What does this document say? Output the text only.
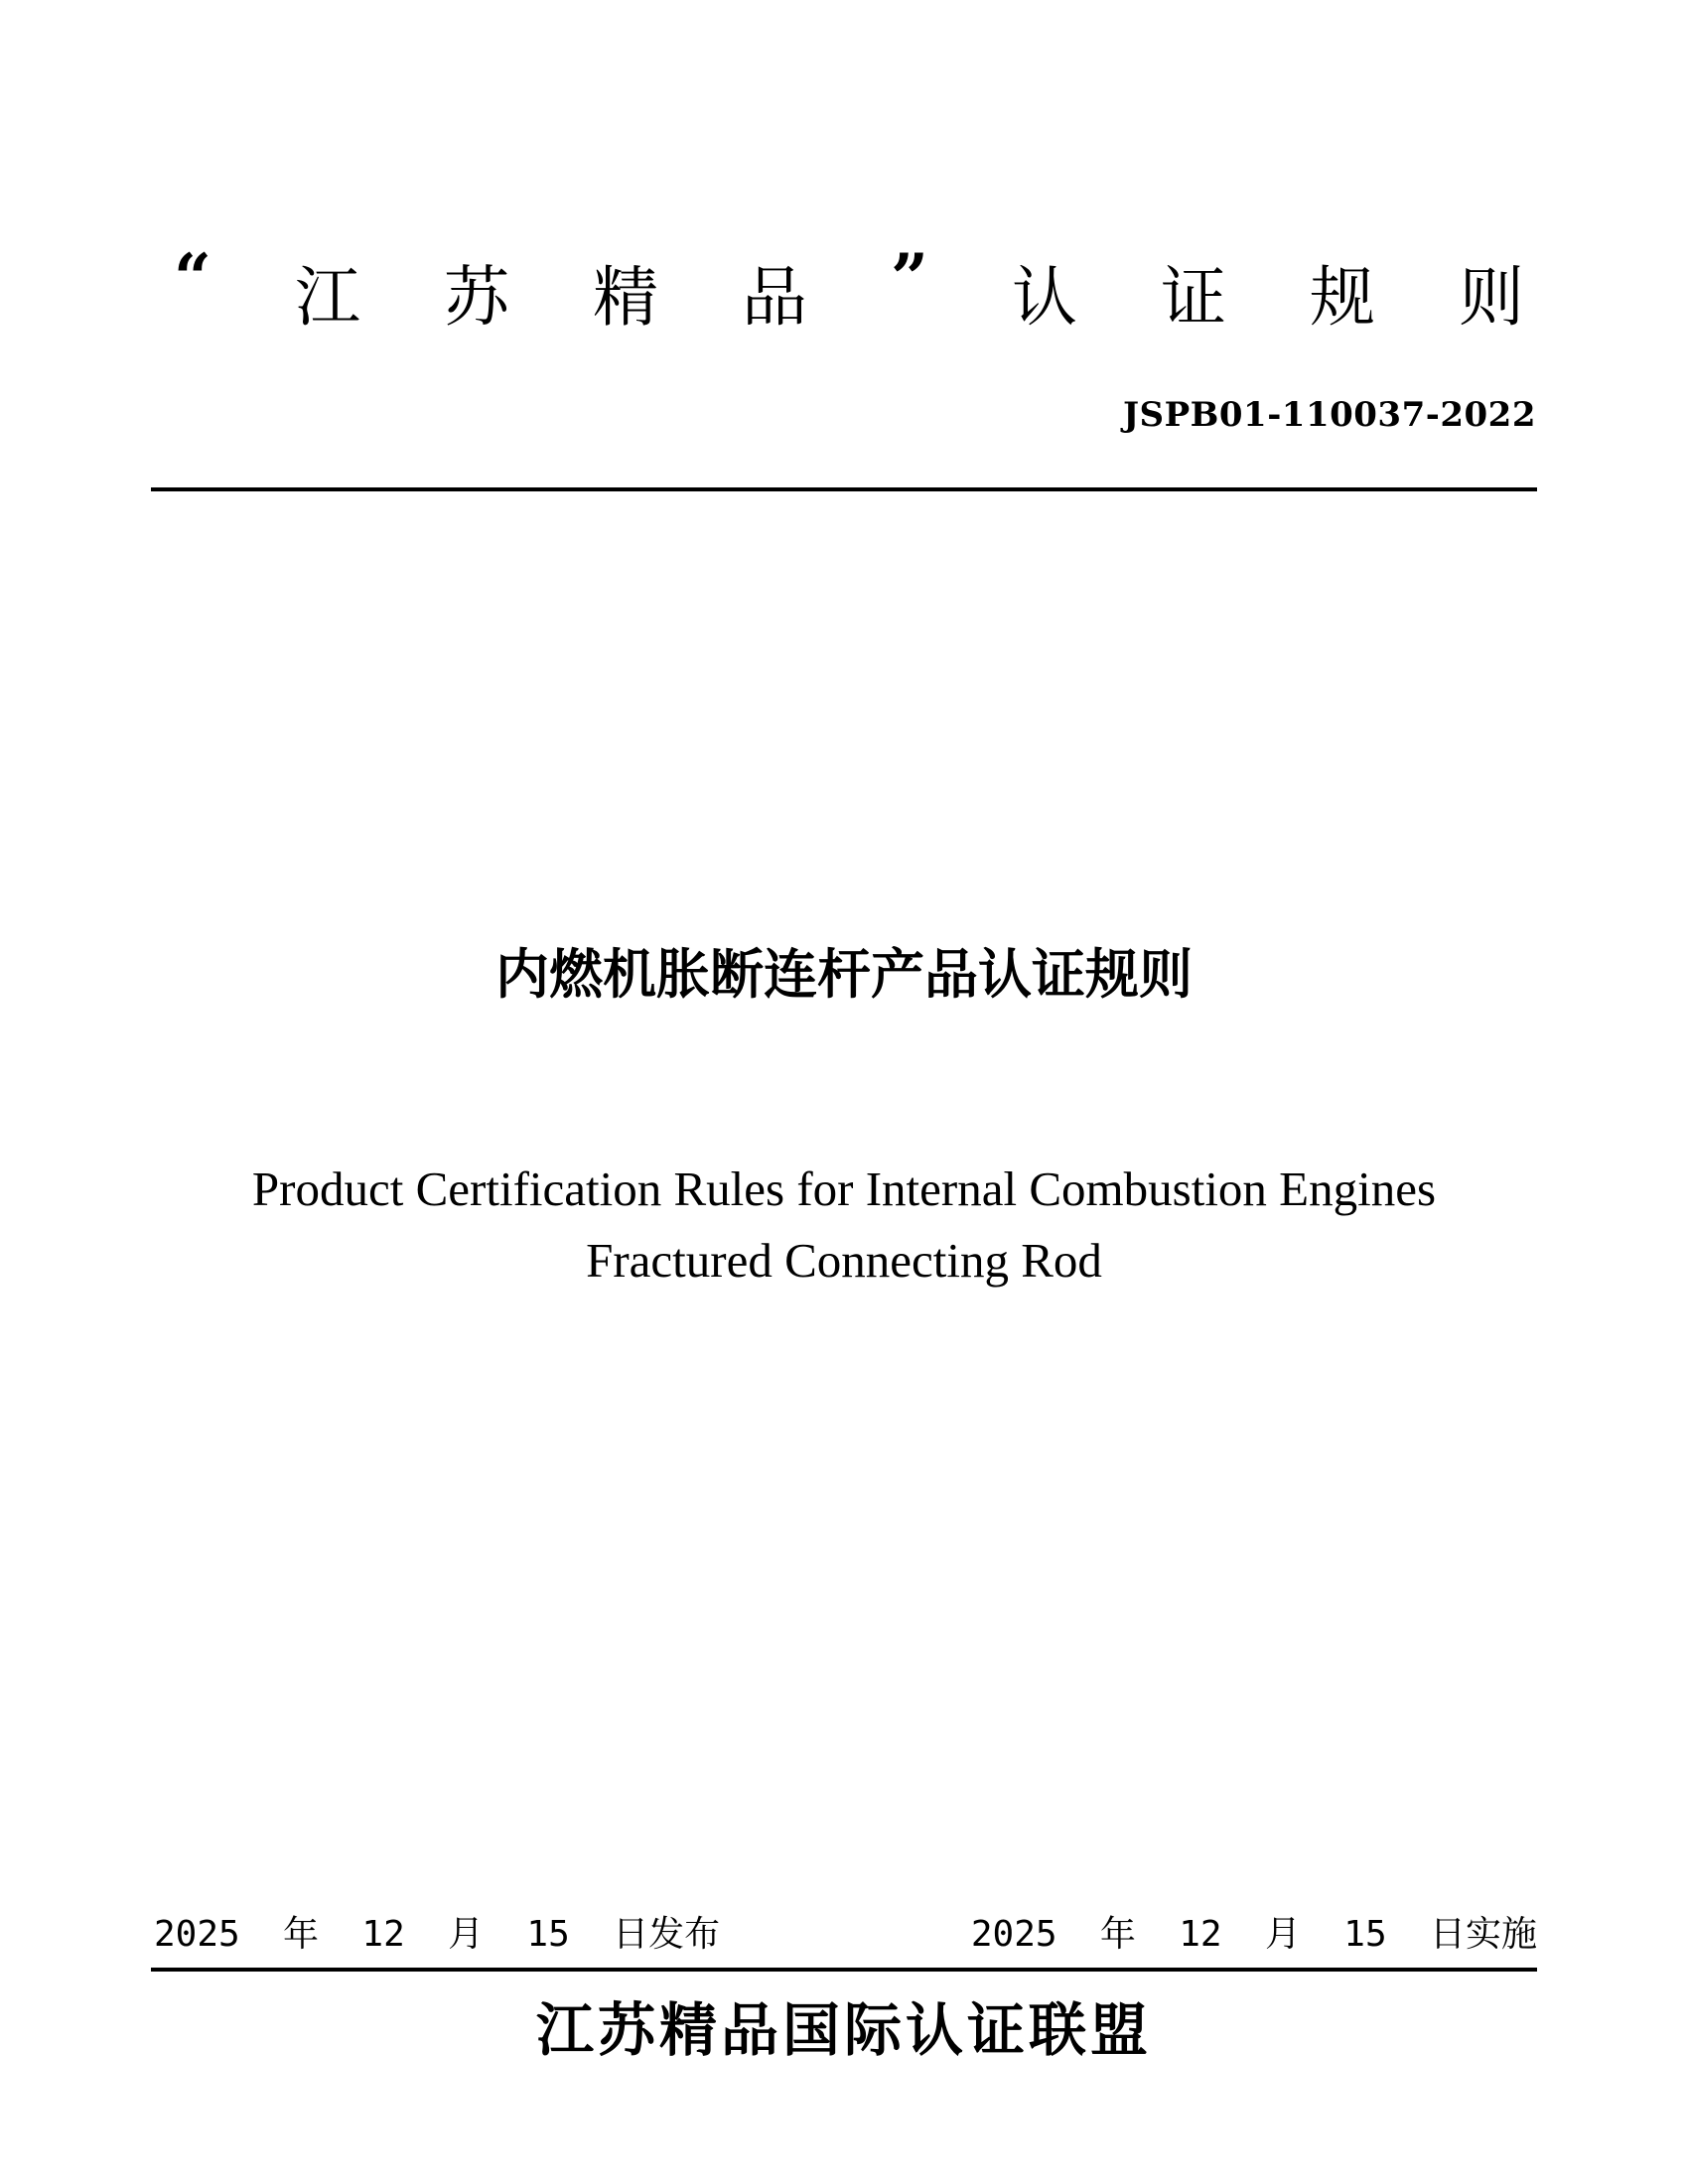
“ 江 苏 精 品 ” 认 证 规 则
JSPB01-110037-2022
内燃机胀断连杆产品认证规则
Product Certification Rules for Internal Combustion Engines
Fractured Connecting Rod
2025  年  12  月  15  日发布	2025  年  12  月  15  日实施
江苏精品国际认证联盟
